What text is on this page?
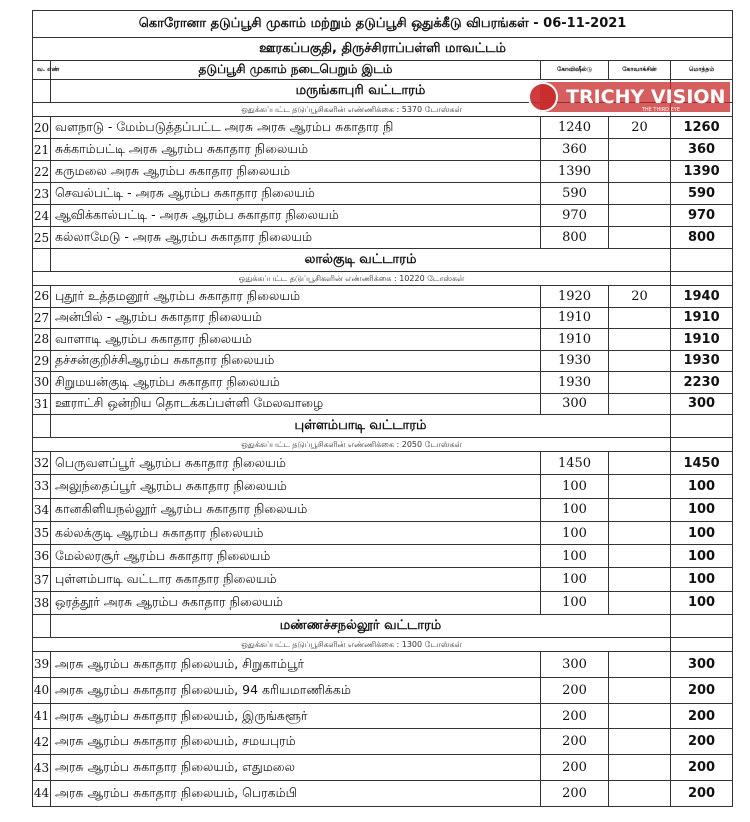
கொரோனா தடுப்பூசி முகாம் மற்றும் தடுப்பூசி ஒதுக்கீடு விபரங்கள் - 06-11-2021				
ஊரகப்பகுதி, திருச்சிராப்பள்ளி மாவட்டம்				
வ. எண்	தடுப்பூசி முகாம் நடைபெறும் இடம்	கோவிஷீல்டு	கோவாக்சின்	மொத்தம்
	மருங்காபுரி வட்டாரம்			
ஒதுக்கப்பட்ட தடுப்பூசிகளின் எண்ணிக்கை : 5370 டோஸ்கள்				
20	வளநாடு - மேம்படுத்தப்பட்ட அரசு அரசு ஆரம்ப சுகாதார நி	1240	20	1260
21	சுக்காம்பட்டி அரசு ஆரம்ப சுகாதார நிலையம்	360		360
22	கருமலை அரசு ஆரம்ப சுகாதார நிலையம்	1390		1390
23	செவல்பட்டி - அரசு ஆரம்ப சுகாதார நிலையம்	590		590
24	ஆவிக்கால்பட்டி - அரசு ஆரம்ப சுகாதார நிலையம்	970		970
25	கல்லாமேடு - அரசு ஆரம்ப சுகாதார நிலையம்	800		800
	லால்குடி வட்டாரம்			
ஒதுக்கப்பட்ட தடுப்பூசிகளின் எண்ணிக்கை : 10220 டோஸ்கள்				
26	புதூர் உத்தமனூர் ஆரம்ப சுகாதார நிலையம்	1920	20	1940
27	அன்பில் - ஆரம்ப சுகாதார நிலையம்	1910		1910
28	வாளாடி ஆரம்ப சுகாதார நிலையம்	1910		1910
29	தச்சன்குறிச்சிஆரம்ப சுகாதார நிலையம்	1930		1930
30	சிறுமயன்குடி ஆரம்ப சுகாதார நிலையம்	1930		2230
31	ஊராட்சி ஒன்றிய தொடக்கப்பள்ளி மேலவாழை	300		300
	புள்ளம்பாடி வட்டாரம்			
ஒதுக்கப்பட்ட தடுப்பூசிகளின் எண்ணிக்கை : 2050 டோஸ்கள்				
32	பெருவளப்பூர் ஆரம்ப சுகாதார நிலையம்	1450		1450
33	அலுந்தைப்பூர் ஆரம்ப சுகாதார நிலையம்	100		100
34	கானகிளியநல்லூர் ஆரம்ப சுகாதார நிலையம்	100		100
35	கல்லக்குடி ஆரம்ப சுகாதார நிலையம்	100		100
36	மேல்லரசூர் ஆரம்ப சுகாதார நிலையம்	100		100
37	புள்ளம்பாடி வட்டார சுகாதார நிலையம்	100		100
38	ஒரத்தூர் அரசு ஆரம்ப சுகாதார நிலையம்	100		100
	மண்ணச்சநல்லூர் வட்டாரம்			
ஒதுக்கப்பட்ட தடுப்பூசிகளின் எண்ணிக்கை : 1300 டோஸ்கள்				
39	அரசு ஆரம்ப சுகாதார நிலையம், சிறுகாம்பூர்	300		300
40	அரசு ஆரம்ப சுகாதார நிலையம், 94 கரியமாணிக்கம்	200		200
41	அரசு ஆரம்ப சுகாதார நிலையம், இருங்களூர்	200		200
42	அரசு ஆரம்ப சுகாதார நிலையம், சமயபுரம்	200		200
43	அரசு ஆரம்ப சுகாதார நிலையம், எதுமலை	200		200
44	அரசு ஆரம்ப சுகாதார நிலையம், பெரகம்பி	200		200
TRICHY VISION
THE THIRD EYE
